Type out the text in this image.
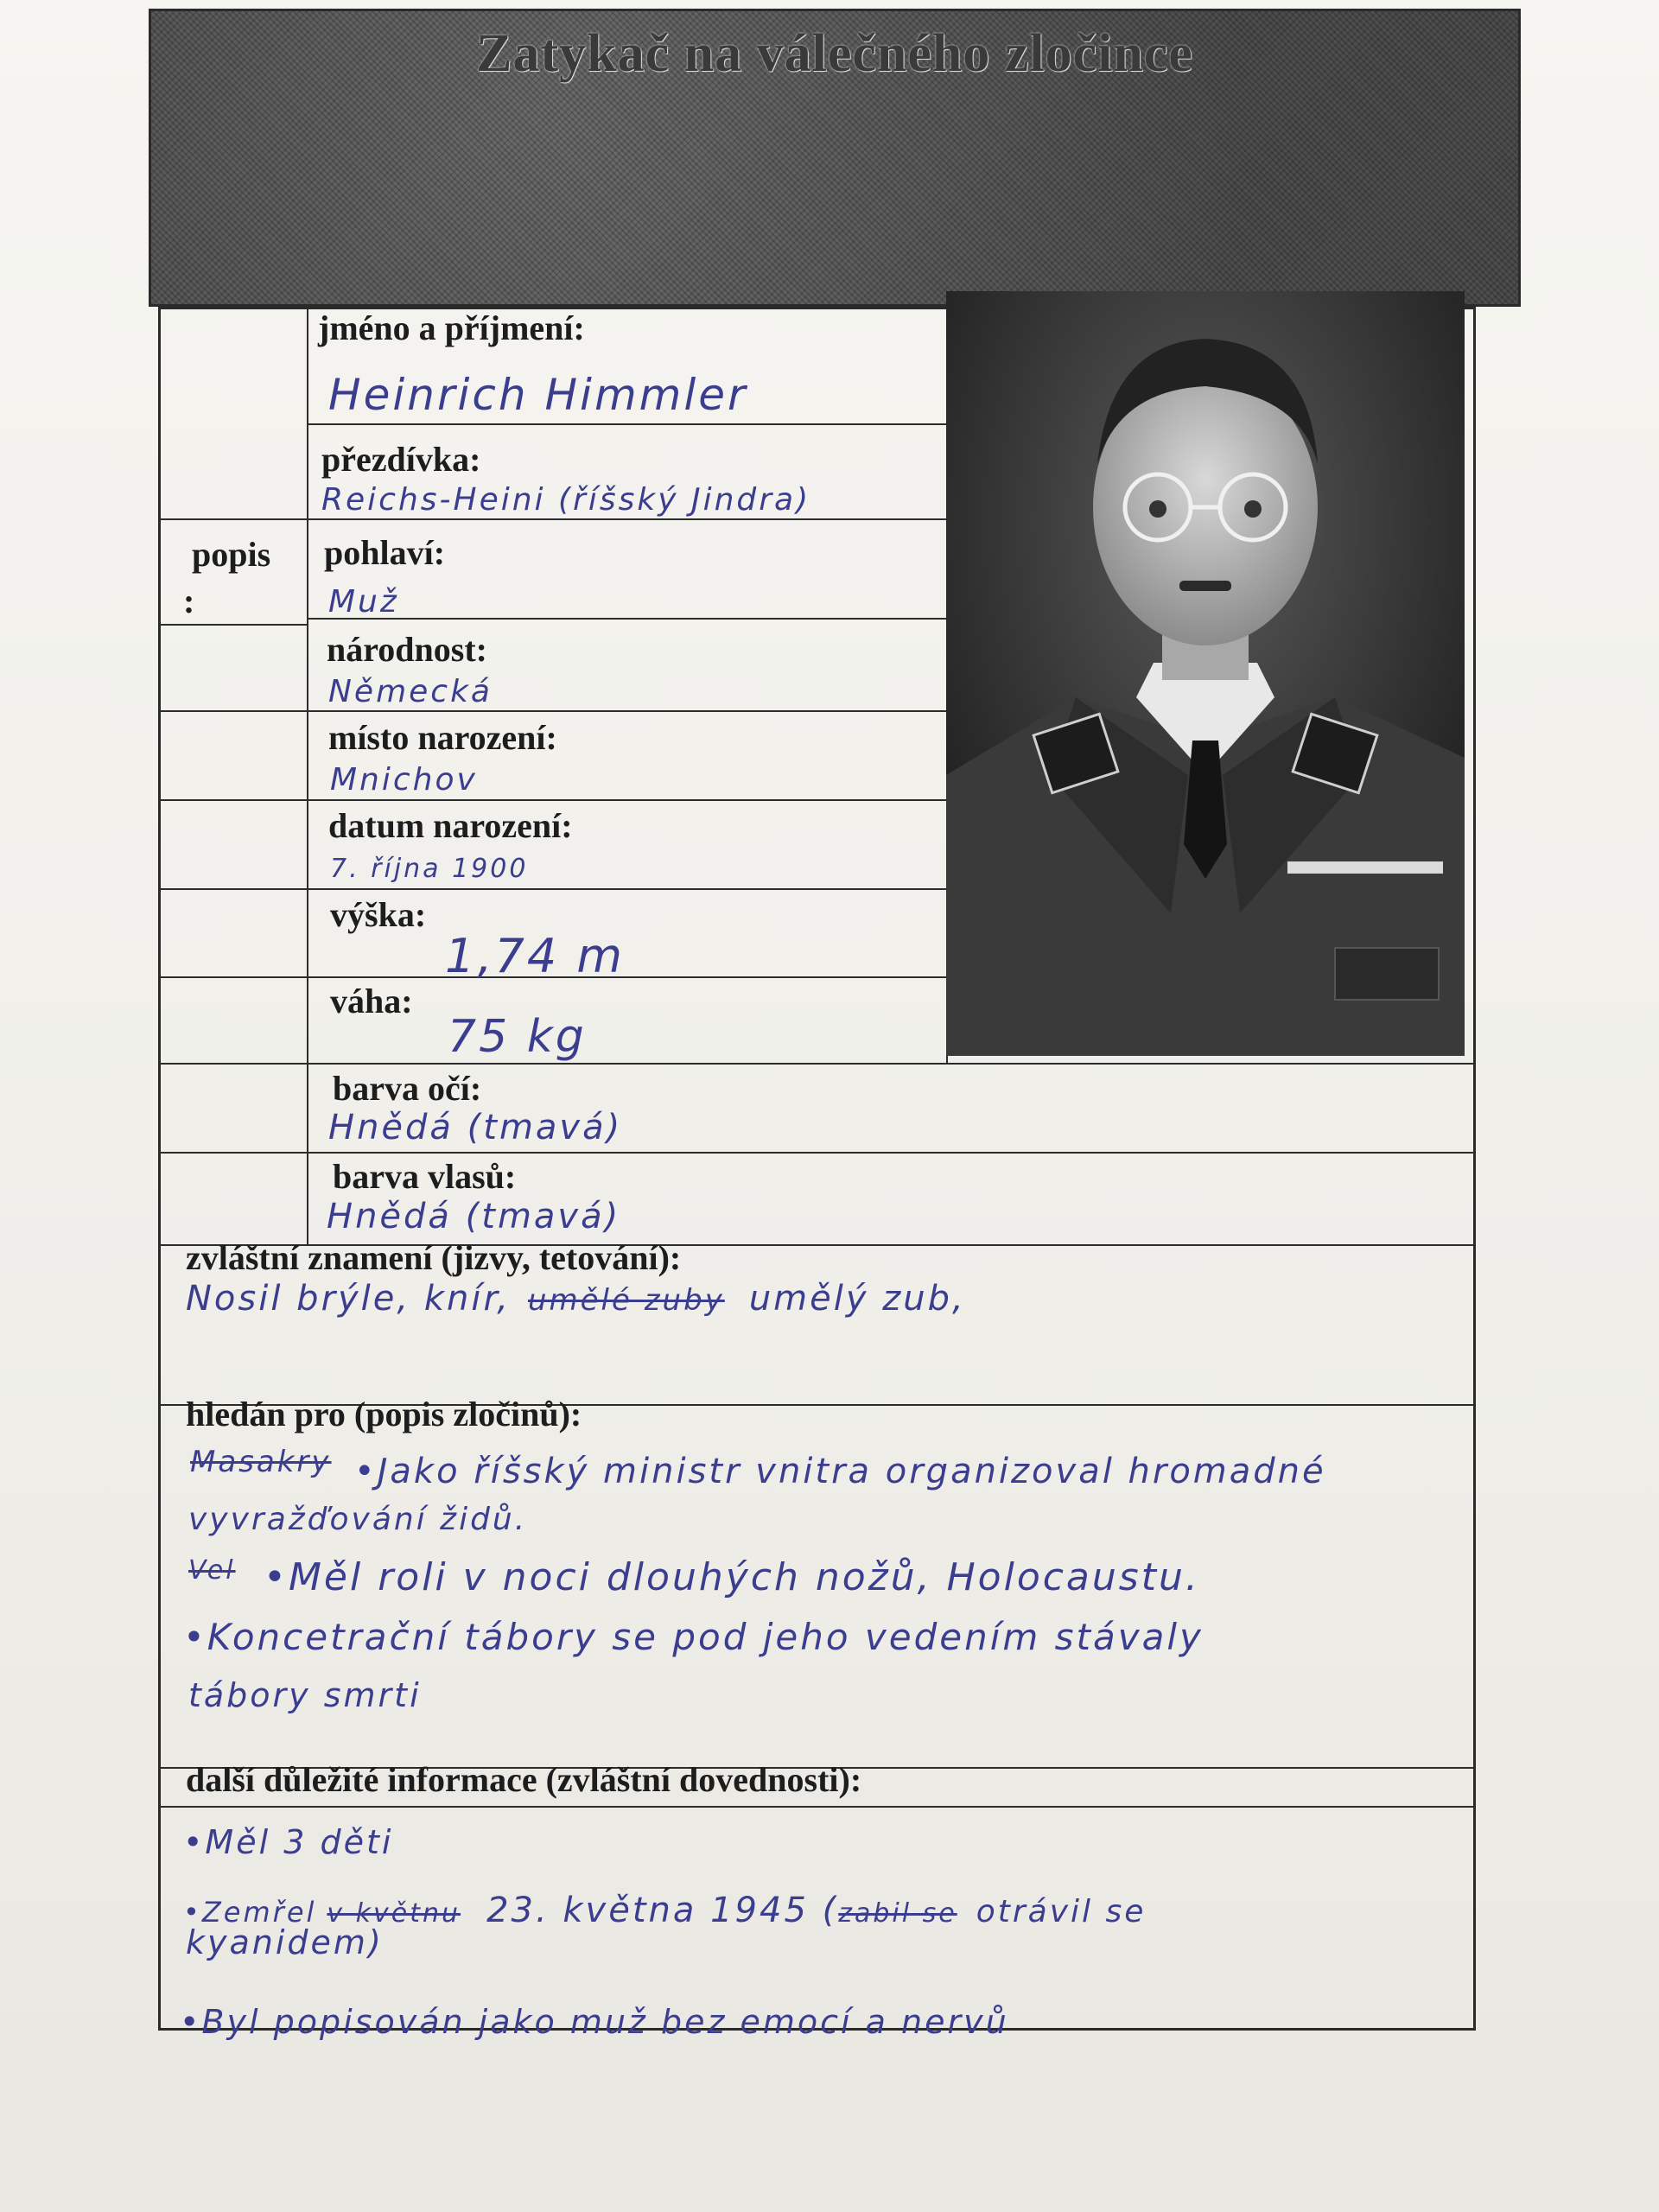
Zatykač na válečného zločince
popis
:
jméno a příjmení:
Heinrich Himmler
přezdívka:
Reichs-Heini (říšský Jindra)
pohlaví:
Muž
národnost:
Německá
místo narození:
Mnichov
datum narození:
7. října 1900
výška:
1,74 m
váha:
75 kg
barva očí:
Hnědá (tmavá)
barva vlasů:
Hnědá (tmavá)
zvláštní znamení (jizvy, tetování):
Nosil brýle, knír, umělé zuby umělý zub,
hledán pro (popis zločinů):
Masakry •Jako říšský ministr vnitra organizoval hromadné
vyvražďování židů.
Vel •Měl roli v noci dlouhých nožů, Holocaustu.
•Koncetrační tábory se pod jeho vedením stávaly
tábory smrti
další důležité informace (zvláštní dovednosti):
•Měl 3 děti
•Zemřel v květnu 23. května 1945 (zabil se otrávil se
kyanidem)
•Byl popisován jako muž bez emocí a nervů
